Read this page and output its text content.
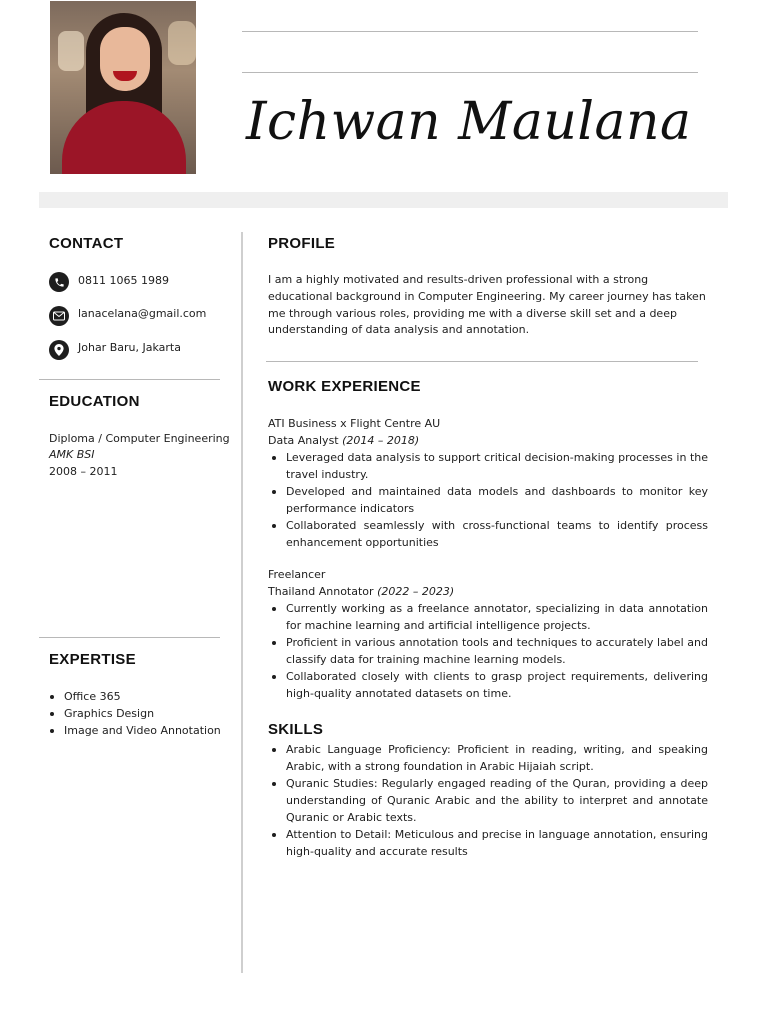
Ichwan Maulana
CONTACT
0811 1065 1989
lanacelana@gmail.com
Johar Baru, Jakarta
EDUCATION
Diploma / Computer Engineering
AMK BSI
2008 – 2011
EXPERTISE
Office 365
Graphics Design
Image and Video Annotation
PROFILE
I am a highly motivated and results-driven professional with a strong educational background in Computer Engineering. My career journey has taken me through various roles, providing me with a diverse skill set and a deep understanding of data analysis and annotation.
WORK EXPERIENCE
ATI Business x Flight Centre AU
Data Analyst (2014 – 2018)
Leveraged data analysis to support critical decision-making processes in the travel industry.
Developed and maintained data models and dashboards to monitor key performance indicators
Collaborated seamlessly with cross-functional teams to identify process enhancement opportunities
Freelancer
Thailand Annotator (2022 – 2023)
Currently working as a freelance annotator, specializing in data annotation for machine learning and artificial intelligence projects.
Proficient in various annotation tools and techniques to accurately label and classify data for training machine learning models.
Collaborated closely with clients to grasp project requirements, delivering high-quality annotated datasets on time.
SKILLS
Arabic Language Proficiency: Proficient in reading, writing, and speaking Arabic, with a strong foundation in Arabic Hijaiah script.
Quranic Studies: Regularly engaged reading of the Quran, providing a deep understanding of Quranic Arabic and the ability to interpret and annotate Quranic or Arabic texts.
Attention to Detail: Meticulous and precise in language annotation, ensuring high-quality and accurate results
